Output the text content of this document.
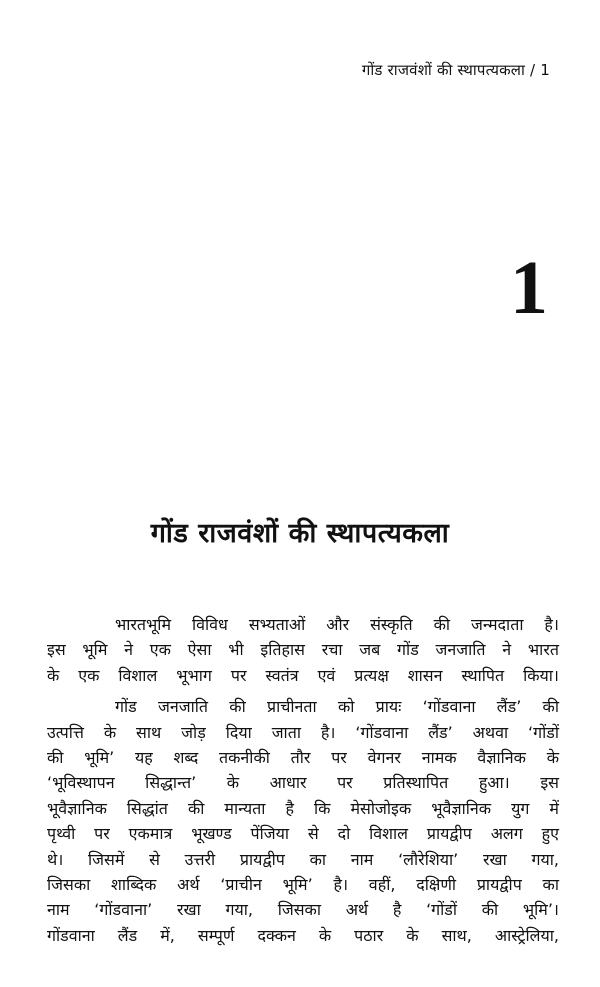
गोंड राजवंशों की स्थापत्यकला / 1
1
गोंड राजवंशों की स्थापत्यकला

भारतभूमि विविध सभ्यताओं और संस्कृति की जन्मदाता है।
इस भूमि ने एक ऐसा भी इतिहास रचा जब गोंड जनजाति ने भारत
के एक विशाल भूभाग पर स्वतंत्र एवं प्रत्यक्ष शासन स्थापित किया।

गोंड जनजाति की प्राचीनता को प्रायः ‘गोंडवाना लैंड’ की
उत्पत्ति के साथ जोड़ दिया जाता है। ‘गोंडवाना लैंड’ अथवा ‘गोंडों
की भूमि’ यह शब्द तकनीकी तौर पर वेगनर नामक वैज्ञानिक के
‘भूविस्थापन सिद्धान्त’ के आधार पर प्रतिस्थापित हुआ। इस
भूवैज्ञानिक सिद्धांत की मान्यता है कि मेसोजोइक भूवैज्ञानिक युग में
पृथ्वी पर एकमात्र भूखण्ड पेंजिया से दो विशाल प्रायद्वीप अलग हुए
थे। जिसमें से उत्तरी प्रायद्वीप का नाम ‘लौरेशिया’ रखा गया,
जिसका शाब्दिक अर्थ ‘प्राचीन भूमि’ है। वहीं, दक्षिणी प्रायद्वीप का
नाम ‘गोंडवाना’ रखा गया, जिसका अर्थ है ‘गोंडों की भूमि’।
गोंडवाना लैंड में, सम्पूर्ण दक्कन के पठार के साथ, आस्ट्रेलिया,
